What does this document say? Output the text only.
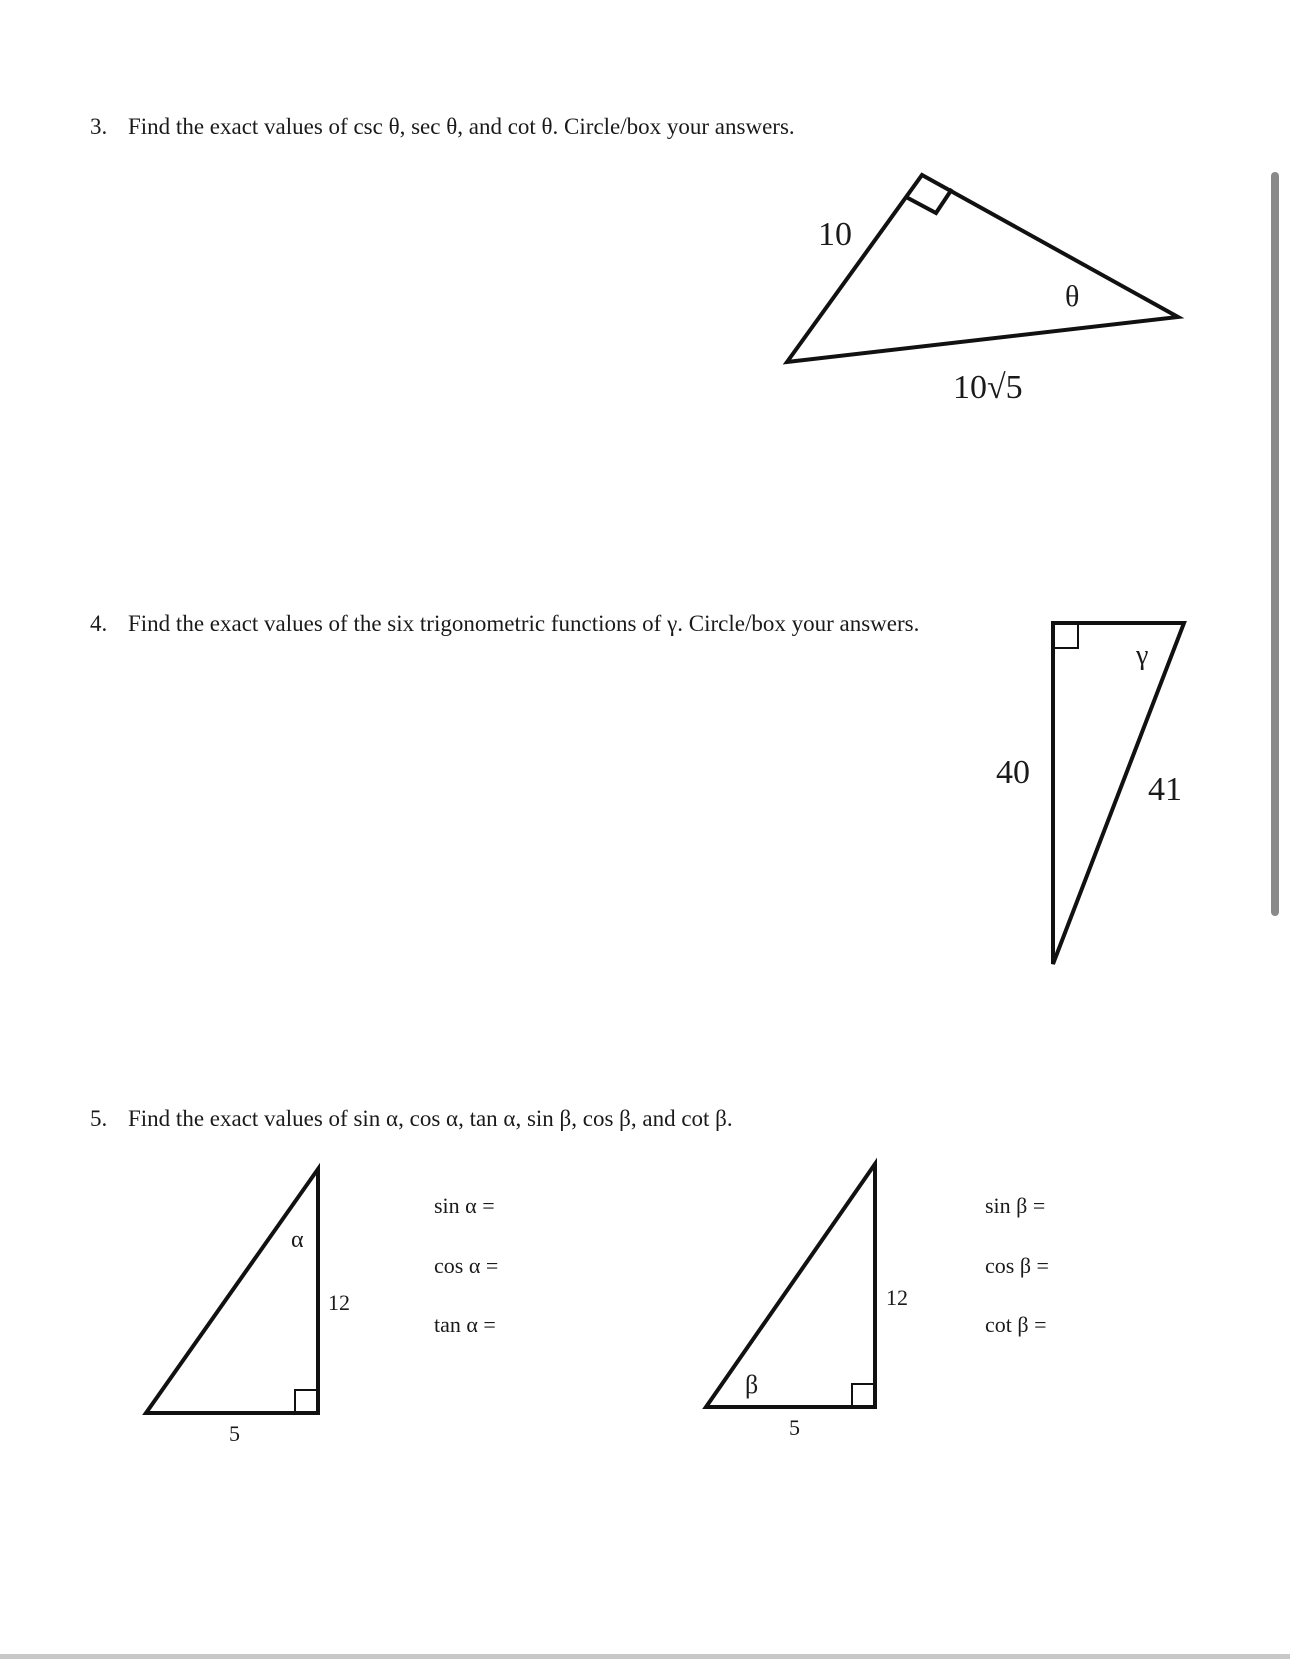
3. Find the exact values of csc θ, sec θ, and cot θ. Circle/box your answers.
4. Find the exact values of the six trigonometric functions of γ. Circle/box your answers.
5. Find the exact values of sin α, cos α, tan α, sin β, cos β, and cot β.
10
θ
10√5
γ
40	41
α
12
5
β
12
5
sin α =
cos α =
tan α =
sin β =
cos β =
cot β =
